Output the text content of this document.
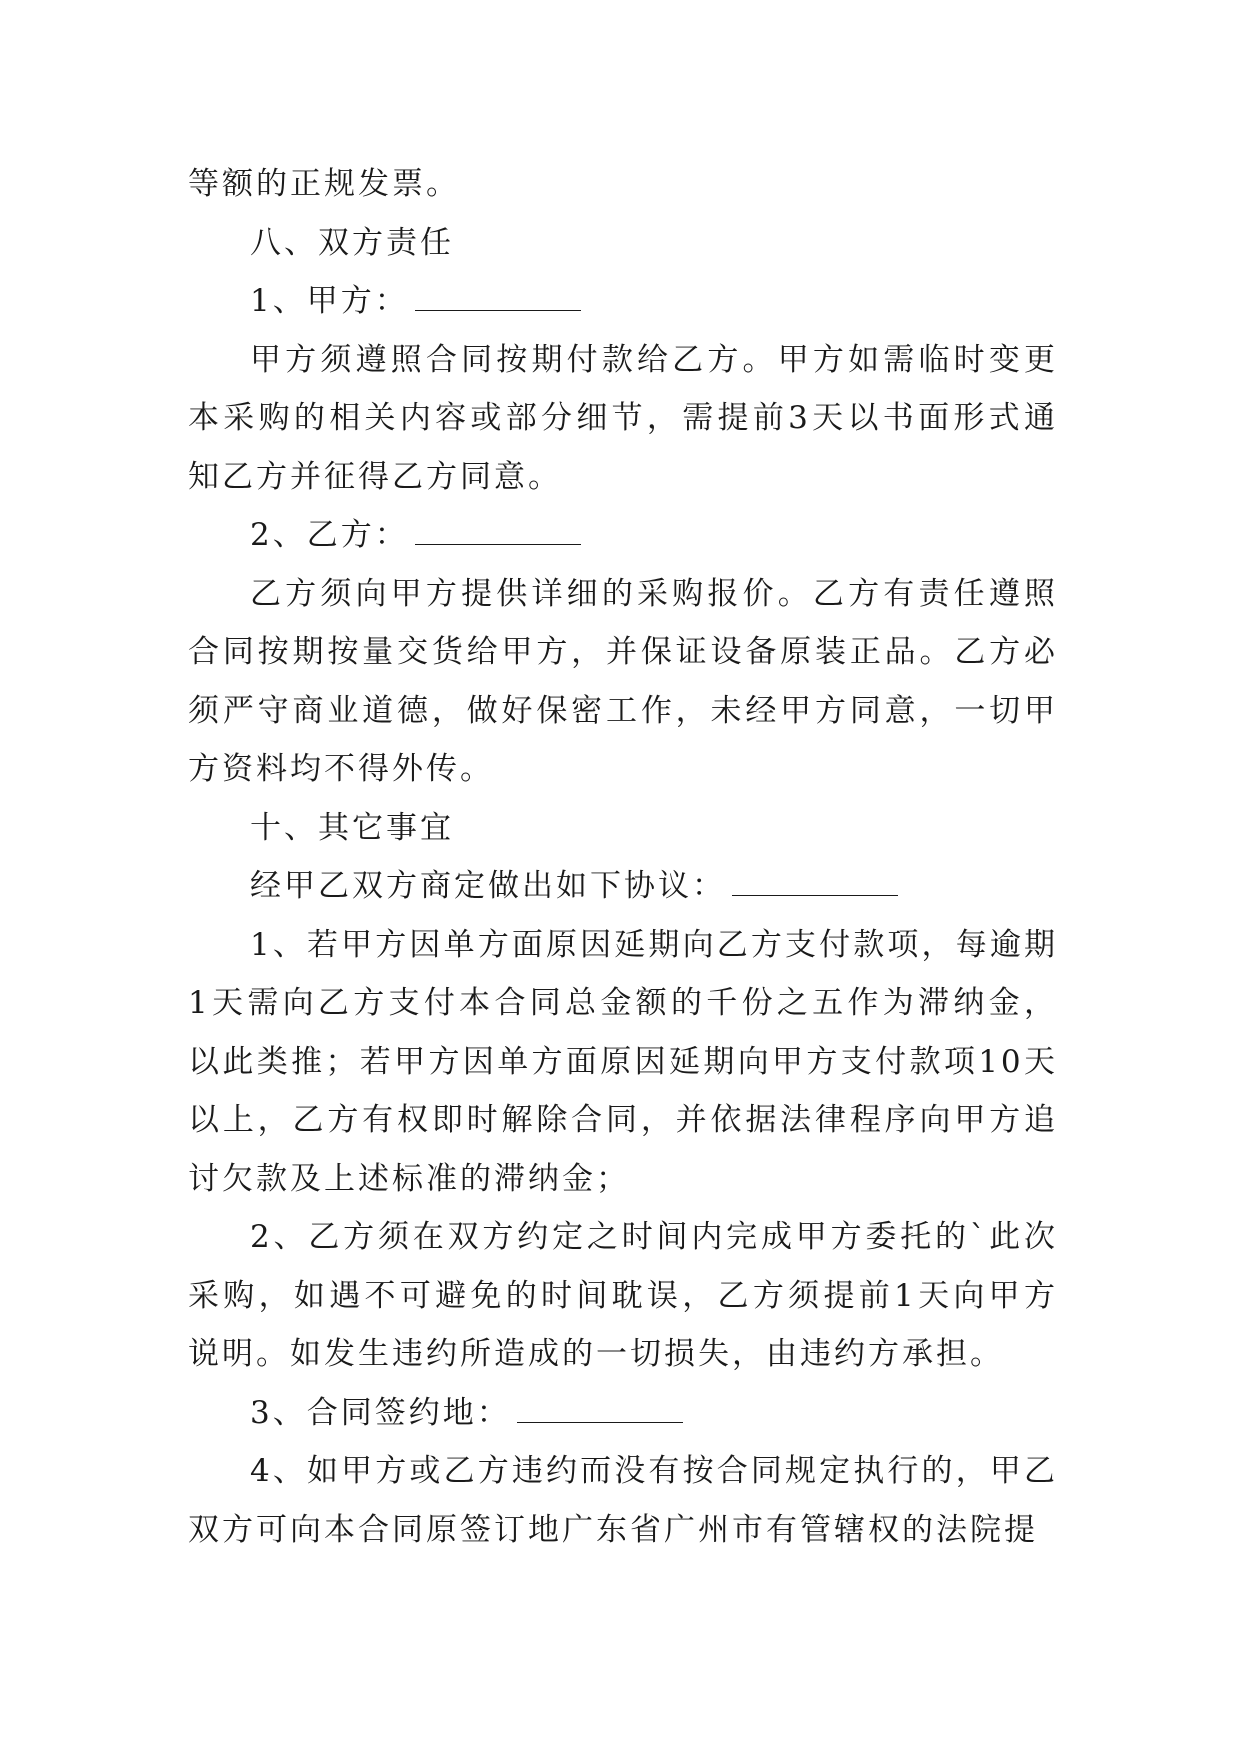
等额的正规发票。

八、双方责任

1、甲方：

甲方须遵照合同按期付款给乙方。甲方如需临时变更本采购的相关内容或部分细节，需提前3天以书面形式通知乙方并征得乙方同意。

2、乙方：

乙方须向甲方提供详细的采购报价。乙方有责任遵照合同按期按量交货给甲方，并保证设备原装正品。乙方必须严守商业道德，做好保密工作，未经甲方同意，一切甲方资料均不得外传。

十、其它事宜

经甲乙双方商定做出如下协议：

1、若甲方因单方面原因延期向乙方支付款项，每逾期1天需向乙方支付本合同总金额的千份之五作为滞纳金，以此类推；若甲方因单方面原因延期向甲方支付款项10天以上，乙方有权即时解除合同，并依据法律程序向甲方追讨欠款及上述标准的滞纳金；

2、乙方须在双方约定之时间内完成甲方委托的`此次采购，如遇不可避免的时间耽误，乙方须提前1天向甲方说明。如发生违约所造成的一切损失，由违约方承担。

3、合同签约地：

4、如甲方或乙方违约而没有按合同规定执行的，甲乙双方可向本合同原签订地广东省广州市有管辖权的法院提
